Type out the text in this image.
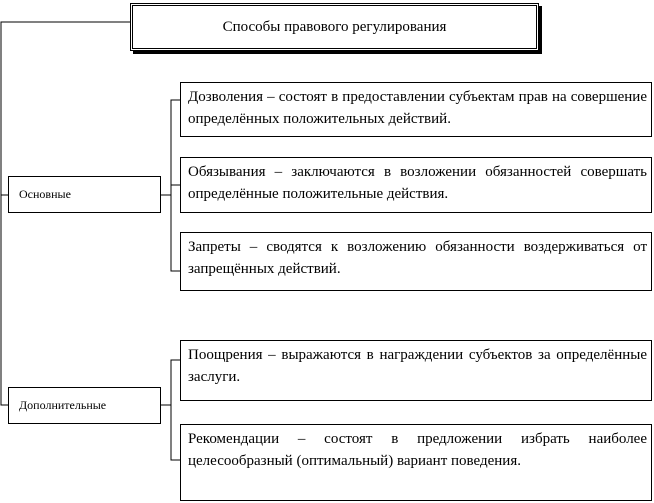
Способы правового регулирования
Основные
Дополнительные
Дозволения – состоят в предоставлении субъектам прав на совершение определённых положительных действий.
Обязывания – заключаются в возложении обязанностей совершать определённые положительные действия.
Запреты – сводятся к возложению обязанности воздерживаться от запрещённых действий.
Поощрения – выражаются в награждении субъектов за определённые заслуги.
Рекомендации – состоят в предложении избрать наиболее целесообразный (оптимальный) вариант поведения.
